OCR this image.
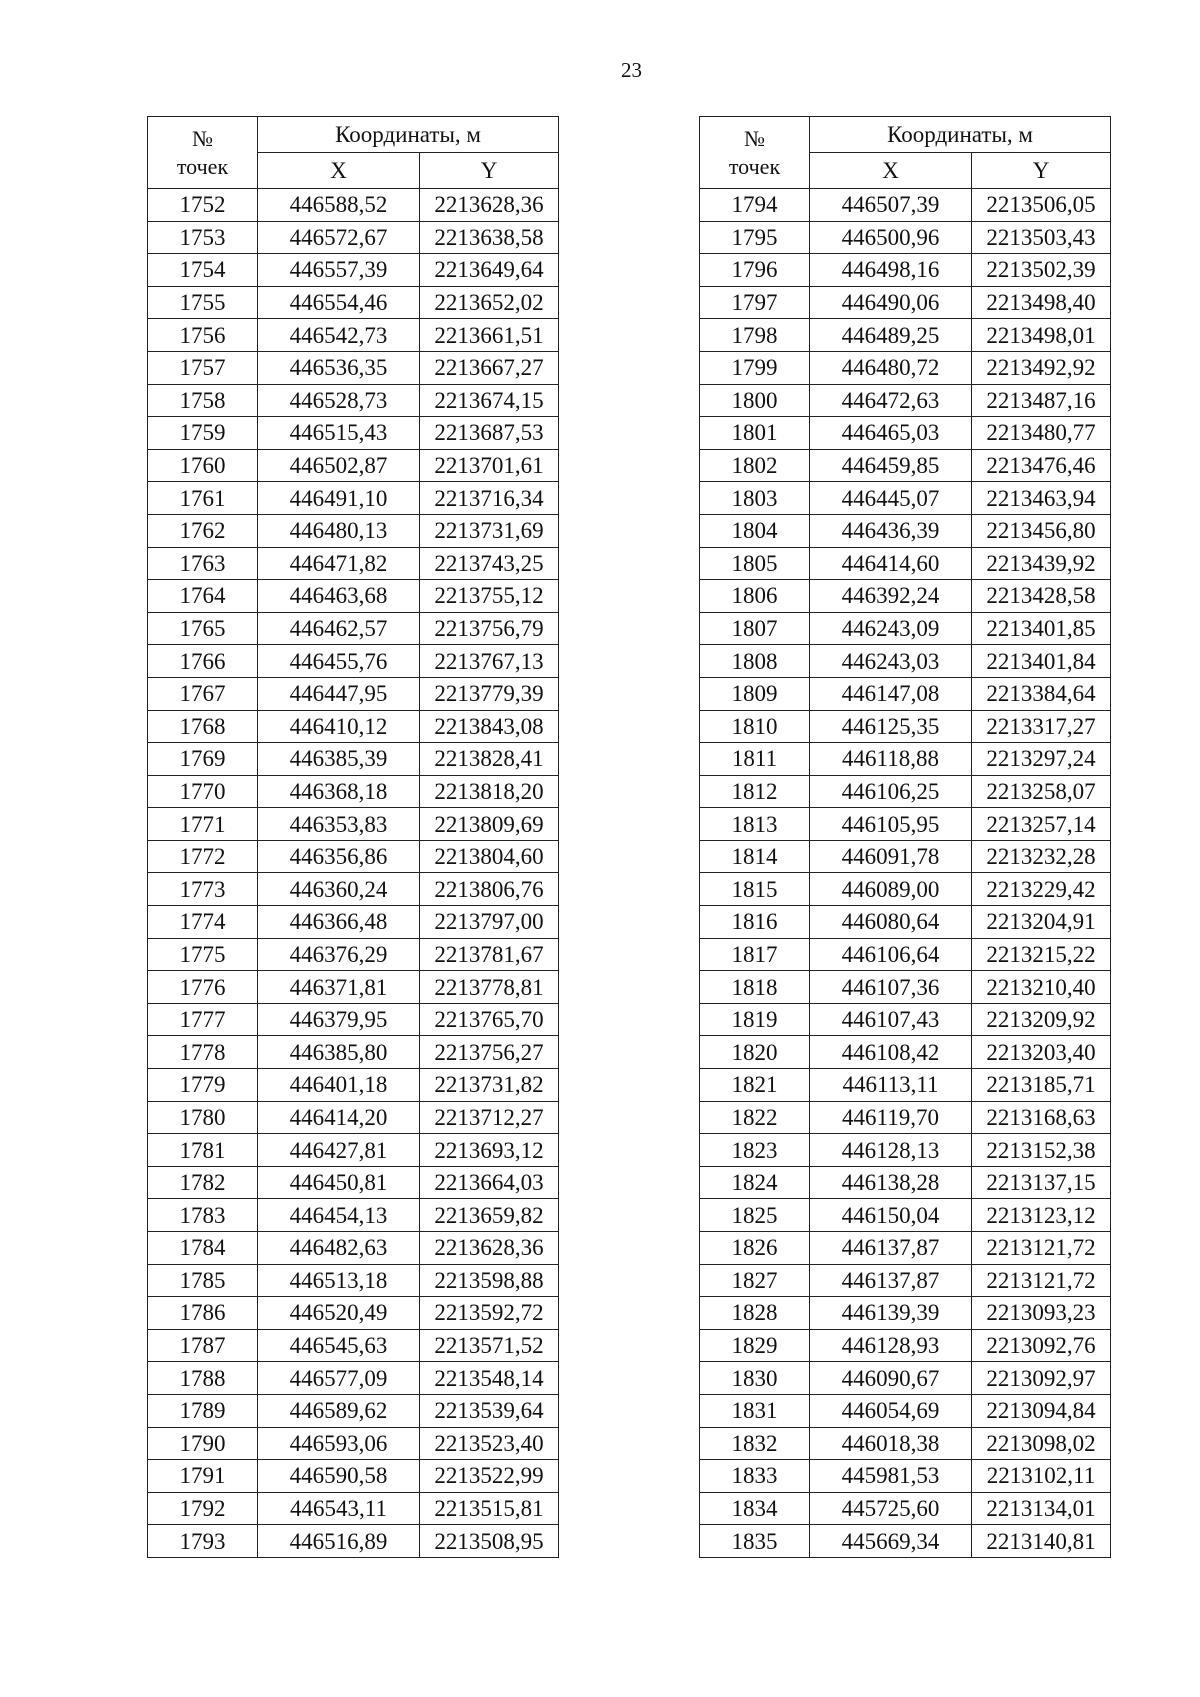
23
№
точек	Координаты, м	
	X	Y
1752	446588,52	2213628,36
1753	446572,67	2213638,58
1754	446557,39	2213649,64
1755	446554,46	2213652,02
1756	446542,73	2213661,51
1757	446536,35	2213667,27
1758	446528,73	2213674,15
1759	446515,43	2213687,53
1760	446502,87	2213701,61
1761	446491,10	2213716,34
1762	446480,13	2213731,69
1763	446471,82	2213743,25
1764	446463,68	2213755,12
1765	446462,57	2213756,79
1766	446455,76	2213767,13
1767	446447,95	2213779,39
1768	446410,12	2213843,08
1769	446385,39	2213828,41
1770	446368,18	2213818,20
1771	446353,83	2213809,69
1772	446356,86	2213804,60
1773	446360,24	2213806,76
1774	446366,48	2213797,00
1775	446376,29	2213781,67
1776	446371,81	2213778,81
1777	446379,95	2213765,70
1778	446385,80	2213756,27
1779	446401,18	2213731,82
1780	446414,20	2213712,27
1781	446427,81	2213693,12
1782	446450,81	2213664,03
1783	446454,13	2213659,82
1784	446482,63	2213628,36
1785	446513,18	2213598,88
1786	446520,49	2213592,72
1787	446545,63	2213571,52
1788	446577,09	2213548,14
1789	446589,62	2213539,64
1790	446593,06	2213523,40
1791	446590,58	2213522,99
1792	446543,11	2213515,81
1793	446516,89	2213508,95
№
точек	Координаты, м	
	X	Y
1794	446507,39	2213506,05
1795	446500,96	2213503,43
1796	446498,16	2213502,39
1797	446490,06	2213498,40
1798	446489,25	2213498,01
1799	446480,72	2213492,92
1800	446472,63	2213487,16
1801	446465,03	2213480,77
1802	446459,85	2213476,46
1803	446445,07	2213463,94
1804	446436,39	2213456,80
1805	446414,60	2213439,92
1806	446392,24	2213428,58
1807	446243,09	2213401,85
1808	446243,03	2213401,84
1809	446147,08	2213384,64
1810	446125,35	2213317,27
1811	446118,88	2213297,24
1812	446106,25	2213258,07
1813	446105,95	2213257,14
1814	446091,78	2213232,28
1815	446089,00	2213229,42
1816	446080,64	2213204,91
1817	446106,64	2213215,22
1818	446107,36	2213210,40
1819	446107,43	2213209,92
1820	446108,42	2213203,40
1821	446113,11	2213185,71
1822	446119,70	2213168,63
1823	446128,13	2213152,38
1824	446138,28	2213137,15
1825	446150,04	2213123,12
1826	446137,87	2213121,72
1827	446137,87	2213121,72
1828	446139,39	2213093,23
1829	446128,93	2213092,76
1830	446090,67	2213092,97
1831	446054,69	2213094,84
1832	446018,38	2213098,02
1833	445981,53	2213102,11
1834	445725,60	2213134,01
1835	445669,34	2213140,81
